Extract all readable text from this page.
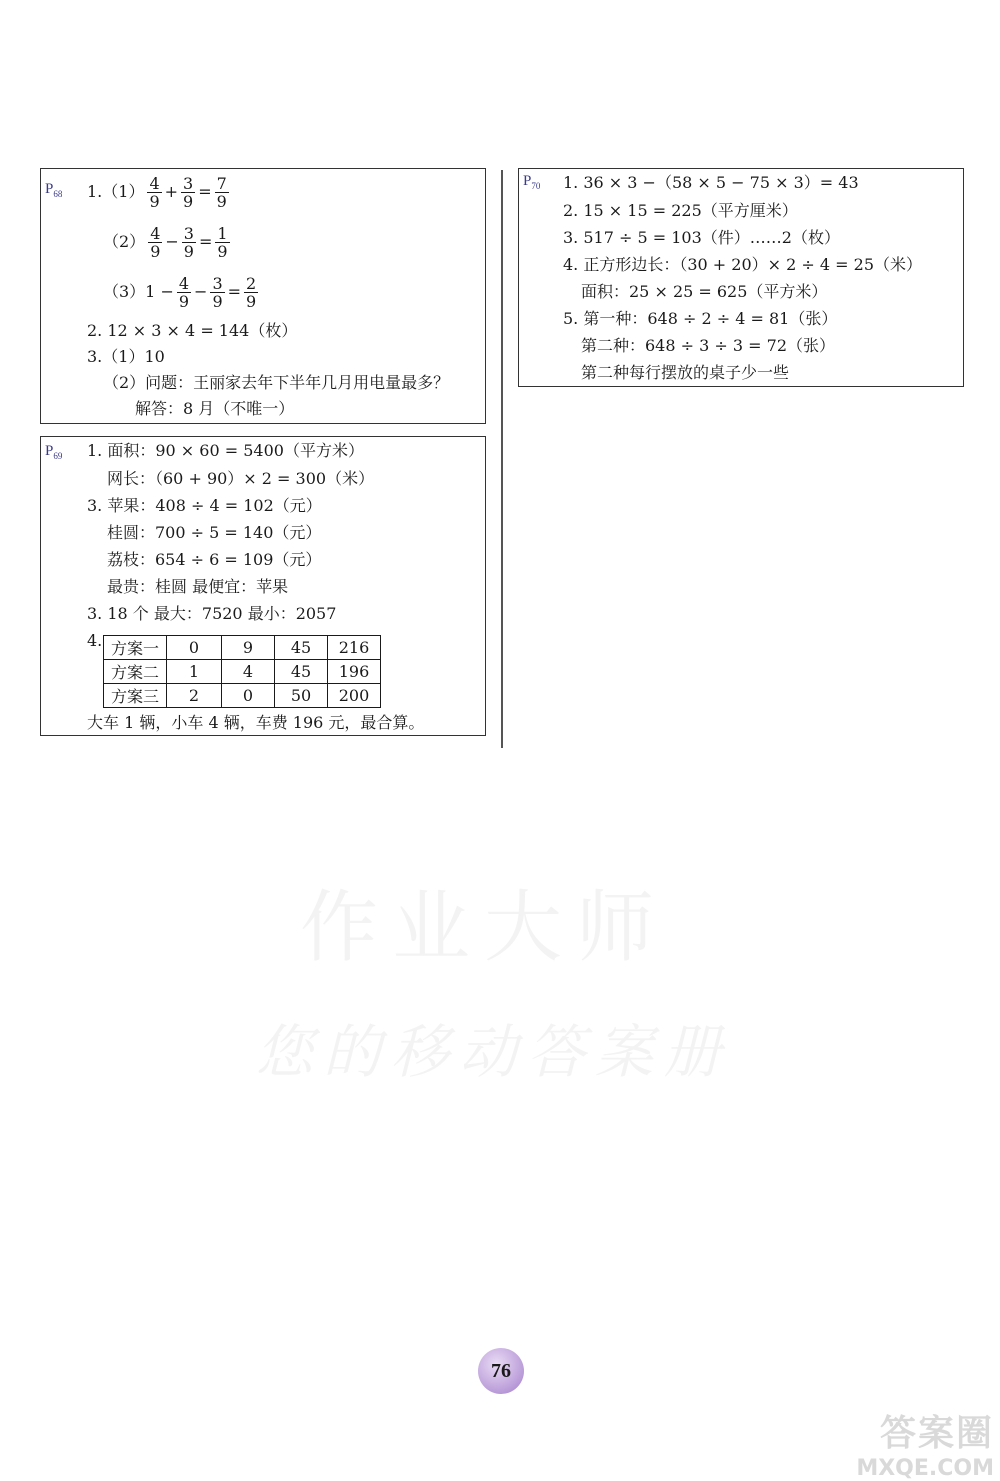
$P_{68}$ $1.(1) \frac{4}{9} + \frac{3}{9} = \frac{7}{9}$
$(2) \frac{4}{9} - \frac{3}{9} = \frac{1}{9}$
$(3)1 - \frac{4}{9} - \frac{3}{9} = \frac{2}{9}$
2. 12 × 3 × 4 = 144（枚）
3.（1）10
（2）问题：王丽家去年下半年几月用电量最多？
解答：8 月（不唯一）
$P_{69}$ 1. 面积：90 × 60 = 5400（平方米）
网长：（60 + 90）× 2 = 300（米）
3. 苹果：408 ÷ 4 = 102（元）
桂圆：700 ÷ 5 = 140（元）
荔枝：654 ÷ 6 = 109（元）
最贵：桂圆 最便宜：苹果
3. 18 个 最大：7520 最小：2057
4. 方案一	0	9	45	216
方案二	1	4	45	196
方案三	2	0	50	200
大车 1 辆，小车 4 辆，车费 196 元，最合算。
$P_{70}$ 1. 36 × 3 −（58 × 5 − 75 × 3）= 43
2. 15 × 15 = 225（平方厘米）
3. 517 ÷ 5 = 103（件）……2（枚）
4. 正方形边长：（30 + 20）× 2 ÷ 4 = 25（米）
面积：25 × 25 = 625（平方米）
5. 第一种：648 ÷ 2 ÷ 4 = 81（张）
第二种：648 ÷ 3 ÷ 3 = 72（张）
第二种每行摆放的桌子少一些
作业大师
您的移动答案册
76
答案圈
MXQE.COM
